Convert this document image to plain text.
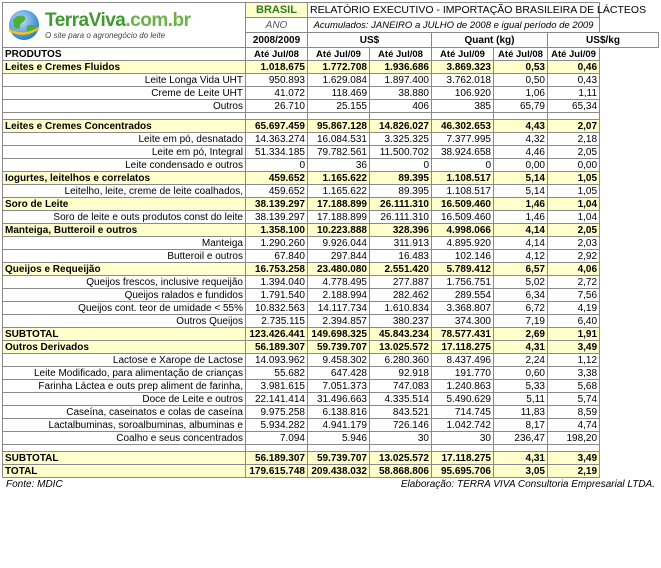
TerraViva.com.br
O site para o agronegócio do leite	BRASIL	RELATÓRIO EXECUTIVO - IMPORTAÇÃO BRASILEIRA DE LÁCTEOS				
	ANO	Acumulados: JANEIRO a JULHO de 2008 e igual período de 2009				
	2008/2009	US$		Quant (kg)		US$/kg
PRODUTOS	Até Jul/08	Até Jul/09	Até Jul/08	Até Jul/09	Até Jul/08	Até Jul/09
Leites e Cremes Fluidos	1.018.675	1.772.708	1.936.686	3.869.323	0,53	0,46
Leite Longa Vida UHT	950.893	1.629.084	1.897.400	3.762.018	0,50	0,43
Creme de Leite UHT	41.072	118.469	38.880	106.920	1,06	1,11
Outros	26.710	25.155	406	385	65,79	65,34

Leites e Cremes Concentrados	65.697.459	95.867.128	14.826.027	46.302.653	4,43	2,07
Leite em pó, desnatado	14.363.274	16.084.531	3.325.325	7.377.995	4,32	2,18
Leite em pó, Integral	51.334.185	79.782.561	11.500.702	38.924.658	4,46	2,05
Leite condensado e outros	0	36	0	0	0,00	0,00
Iogurtes, leitelhos e correlatos	459.652	1.165.622	89.395	1.108.517	5,14	1,05
Leitelho, leite, creme de leite coalhados,	459.652	1.165.622	89.395	1.108.517	5,14	1,05
Soro de Leite	38.139.297	17.188.899	26.111.310	16.509.460	1,46	1,04
Soro de leite e outs produtos const do leite	38.139.297	17.188.899	26.111.310	16.509.460	1,46	1,04
Manteiga, Butteroil e outros	1.358.100	10.223.888	328.396	4.998.066	4,14	2,05
Manteiga	1.290.260	9.926.044	311.913	4.895.920	4,14	2,03
Butteroil e outros	67.840	297.844	16.483	102.146	4,12	2,92
Queijos e Requeijão	16.753.258	23.480.080	2.551.420	5.789.412	6,57	4,06
Queijos frescos, inclusive requeijão	1.394.040	4.778.495	277.887	1.756.751	5,02	2,72
Queijos ralados e fundidos	1.791.540	2.188.994	282.462	289.554	6,34	7,56
Queijos cont. teor de umidade < 55%	10.832.563	14.117.734	1.610.834	3.368.807	6,72	4,19
Outros Queijos	2.735.115	2.394.857	380.237	374.300	7,19	6,40
SUBTOTAL	123.426.441	149.698.325	45.843.234	78.577.431	2,69	1,91
Outros Derivados	56.189.307	59.739.707	13.025.572	17.118.275	4,31	3,49
Lactose e Xarope de Lactose	14.093.962	9.458.302	6.280.360	8.437.496	2,24	1,12
Leite Modificado, para alimentação de crianças	55.682	647.428	92.918	191.770	0,60	3,38
Farinha Láctea e outs prep aliment de farinha,	3.981.615	7.051.373	747.083	1.240.863	5,33	5,68
Doce de Leite e outros	22.141.414	31.496.663	4.335.514	5.490.629	5,11	5,74
Caseína, caseinatos e colas de caseína	9.975.258	6.138.816	843.521	714.745	11,83	8,59
Lactalbuminas, soroalbuminas, albuminas e	5.934.282	4.941.179	726.146	1.042.742	8,17	4,74
Coalho e seus concentrados	7.094	5.946	30	30	236,47	198,20

SUBTOTAL	56.189.307	59.739.707	13.025.572	17.118.275	4,31	3,49
TOTAL	179.615.748	209.438.032	58.868.806	95.695.706	3,05	2,19
Fonte: MDIC	Elaboração: TERRA VIVA Consultoria Empresarial LTDA.
